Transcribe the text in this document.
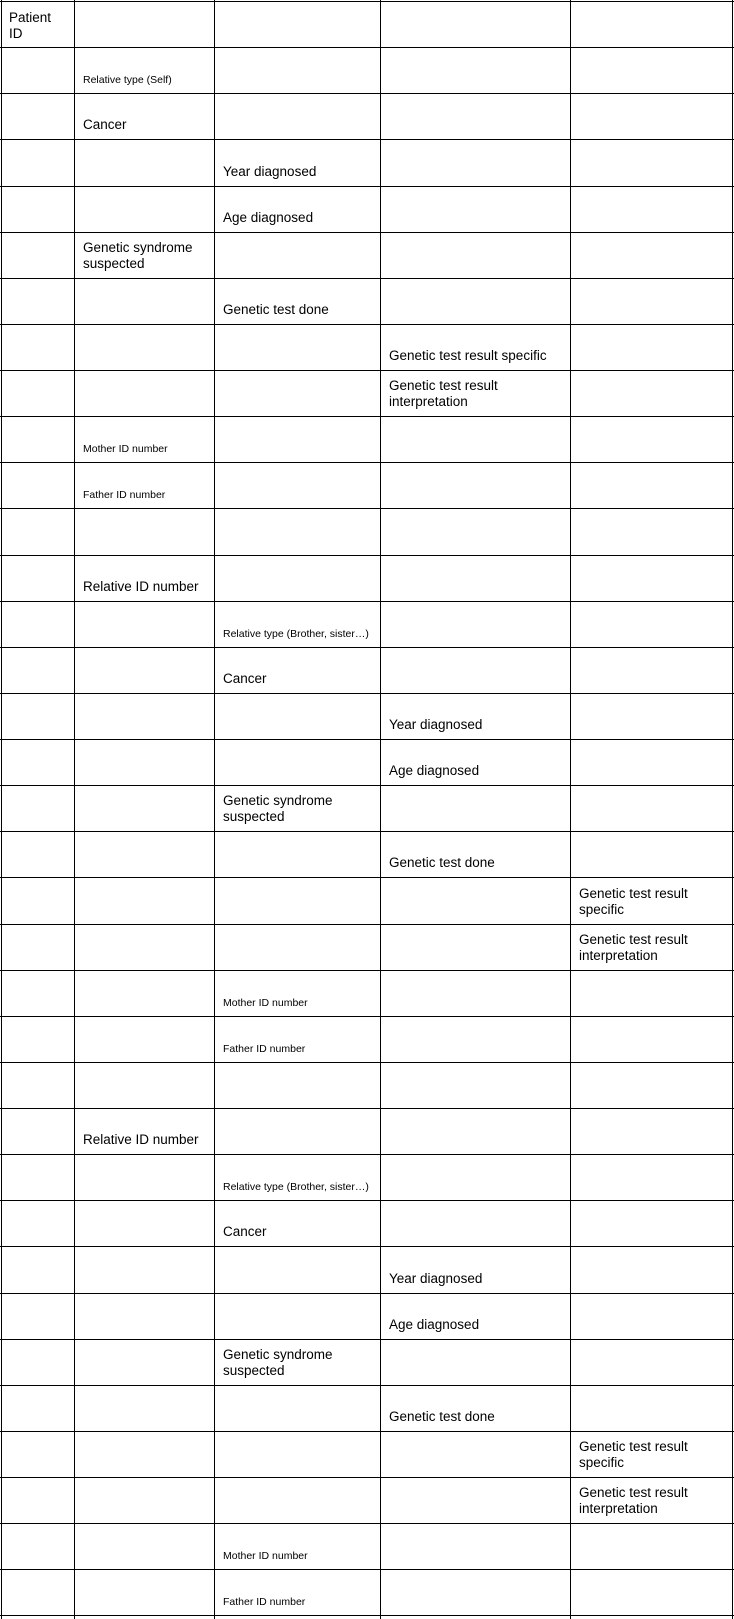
Patient ID
Relative type (Self)
Cancer
Year diagnosed
Age diagnosed
Genetic syndrome suspected
Genetic test done
Genetic test result specific
Genetic test result interpretation
Mother ID number
Father ID number
Relative ID number
Relative type (Brother, sister…)
Cancer
Year diagnosed
Age diagnosed
Genetic syndrome suspected
Genetic test done
Genetic test result specific
Genetic test result interpretation
Mother ID number
Father ID number
Relative ID number
Relative type (Brother, sister…)
Cancer
Year diagnosed
Age diagnosed
Genetic syndrome suspected
Genetic test done
Genetic test result specific
Genetic test result interpretation
Mother ID number
Father ID number
